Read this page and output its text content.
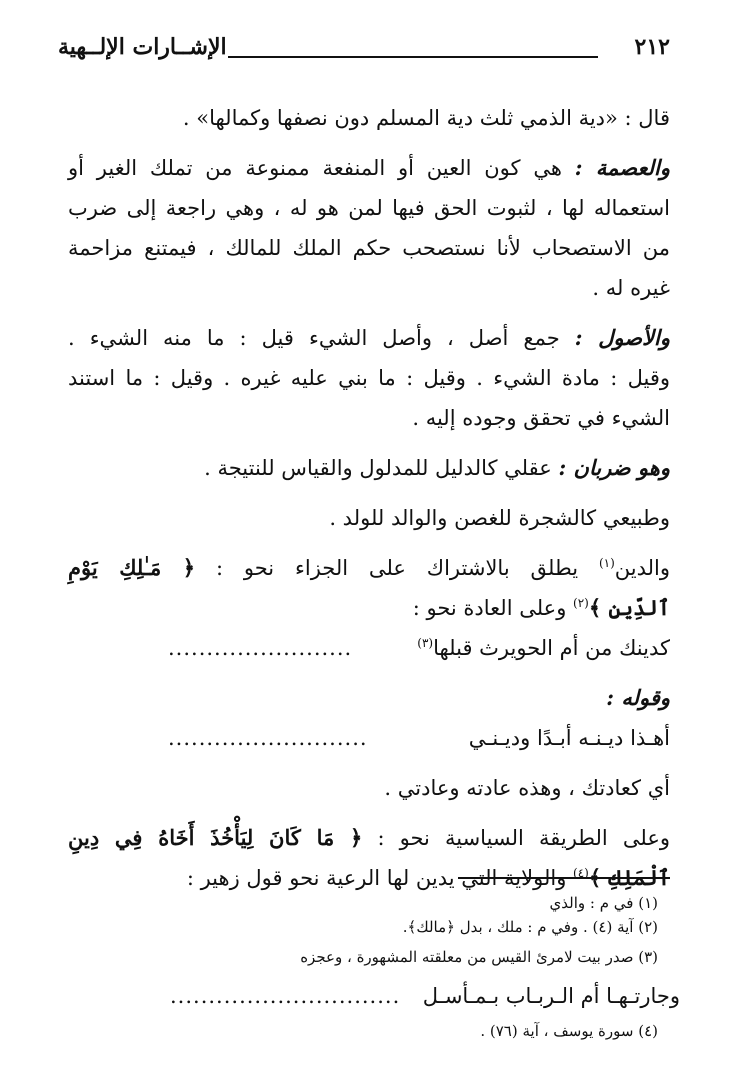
٢١٢
الإشــارات الإلــهية
قال : «دية الذمي ثلث دية المسلم دون نصفها وكمالها» .
والعصمة : هي كون العين أو المنفعة ممنوعة من تملك الغير أو
استعماله لها ، لثبوت الحق فيها لمن هو له ، وهي راجعة إلى ضرب
من الاستصحاب لأنا نستصحب حكم الملك للمالك ، فيمتنع مزاحمة
غيره له .
والأصول : جمع أصل ، وأصل الشيء قيل : ما منه الشيء .
وقيل : مادة الشيء . وقيل : ما بني عليه غيره . وقيل : ما استند
الشيء في تحقق وجوده إليه .
وهو ضربان : عقلي كالدليل للمدلول والقياس للنتيجة .
وطبيعي كالشجرة للغصن والوالد للولد .
والدين$^{(١)}$ يطلق بالاشتراك على الجزاء نحو : ﴿ مَـٰلِكِ يَوْمِ
ٱلدِّينِ ﴾$^{(٢)}$ وعلى العادة نحو :
كدينك من أم الحويرث قبلها$^{(٣)}$
........................
وقوله :
أهـذا ديـنـه أبـدًا وديـنـي
..........................
أي كعادتك ، وهذه عادته وعادتي .
وعلى الطريقة السياسية نحو : ﴿ مَا كَانَ لِيَأْخُذَ أَخَاهُ فِي دِينِ
ٱلْمَلِكِ ﴾$^{(٤)}$ والولاية التي يدين لها الرعية نحو قول زهير :
(١) في م : والذي
(٢) آية (٤) . وفي م : ملك ، بدل ﴿مالك﴾.
(٣) صدر بيت لامرئ القيس من معلقته المشهورة ، وعجزه
وجارتـهـا أم الـربـاب بـمـأسـل
..............................
(٤) سورة يوسف ، آية (٧٦) .
